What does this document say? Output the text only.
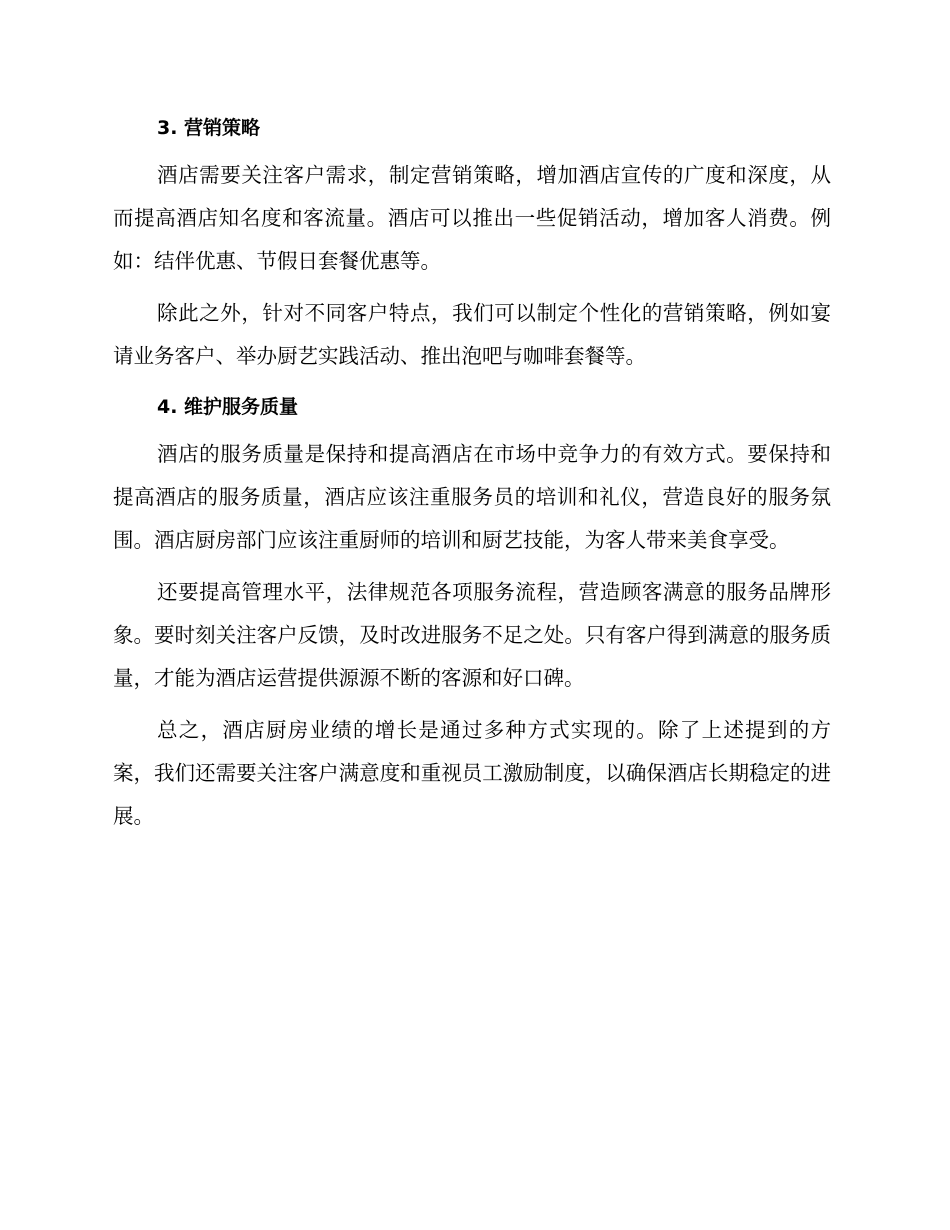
3. 营销策略

酒店需要关注客户需求，制定营销策略，增加酒店宣传的广度和深度，从而提高酒店知名度和客流量。酒店可以推出一些促销活动，增加客人消费。例如：结伴优惠、节假日套餐优惠等。

除此之外，针对不同客户特点，我们可以制定个性化的营销策略，例如宴请业务客户、举办厨艺实践活动、推出泡吧与咖啡套餐等。

4. 维护服务质量

酒店的服务质量是保持和提高酒店在市场中竞争力的有效方式。要保持和提高酒店的服务质量，酒店应该注重服务员的培训和礼仪，营造良好的服务氛围。酒店厨房部门应该注重厨师的培训和厨艺技能，为客人带来美食享受。

还要提高管理水平，法律规范各项服务流程，营造顾客满意的服务品牌形象。要时刻关注客户反馈，及时改进服务不足之处。只有客户得到满意的服务质量，才能为酒店运营提供源源不断的客源和好口碑。

总之，酒店厨房业绩的增长是通过多种方式实现的。除了上述提到的方案，我们还需要关注客户满意度和重视员工激励制度，以确保酒店长期稳定的进展。
